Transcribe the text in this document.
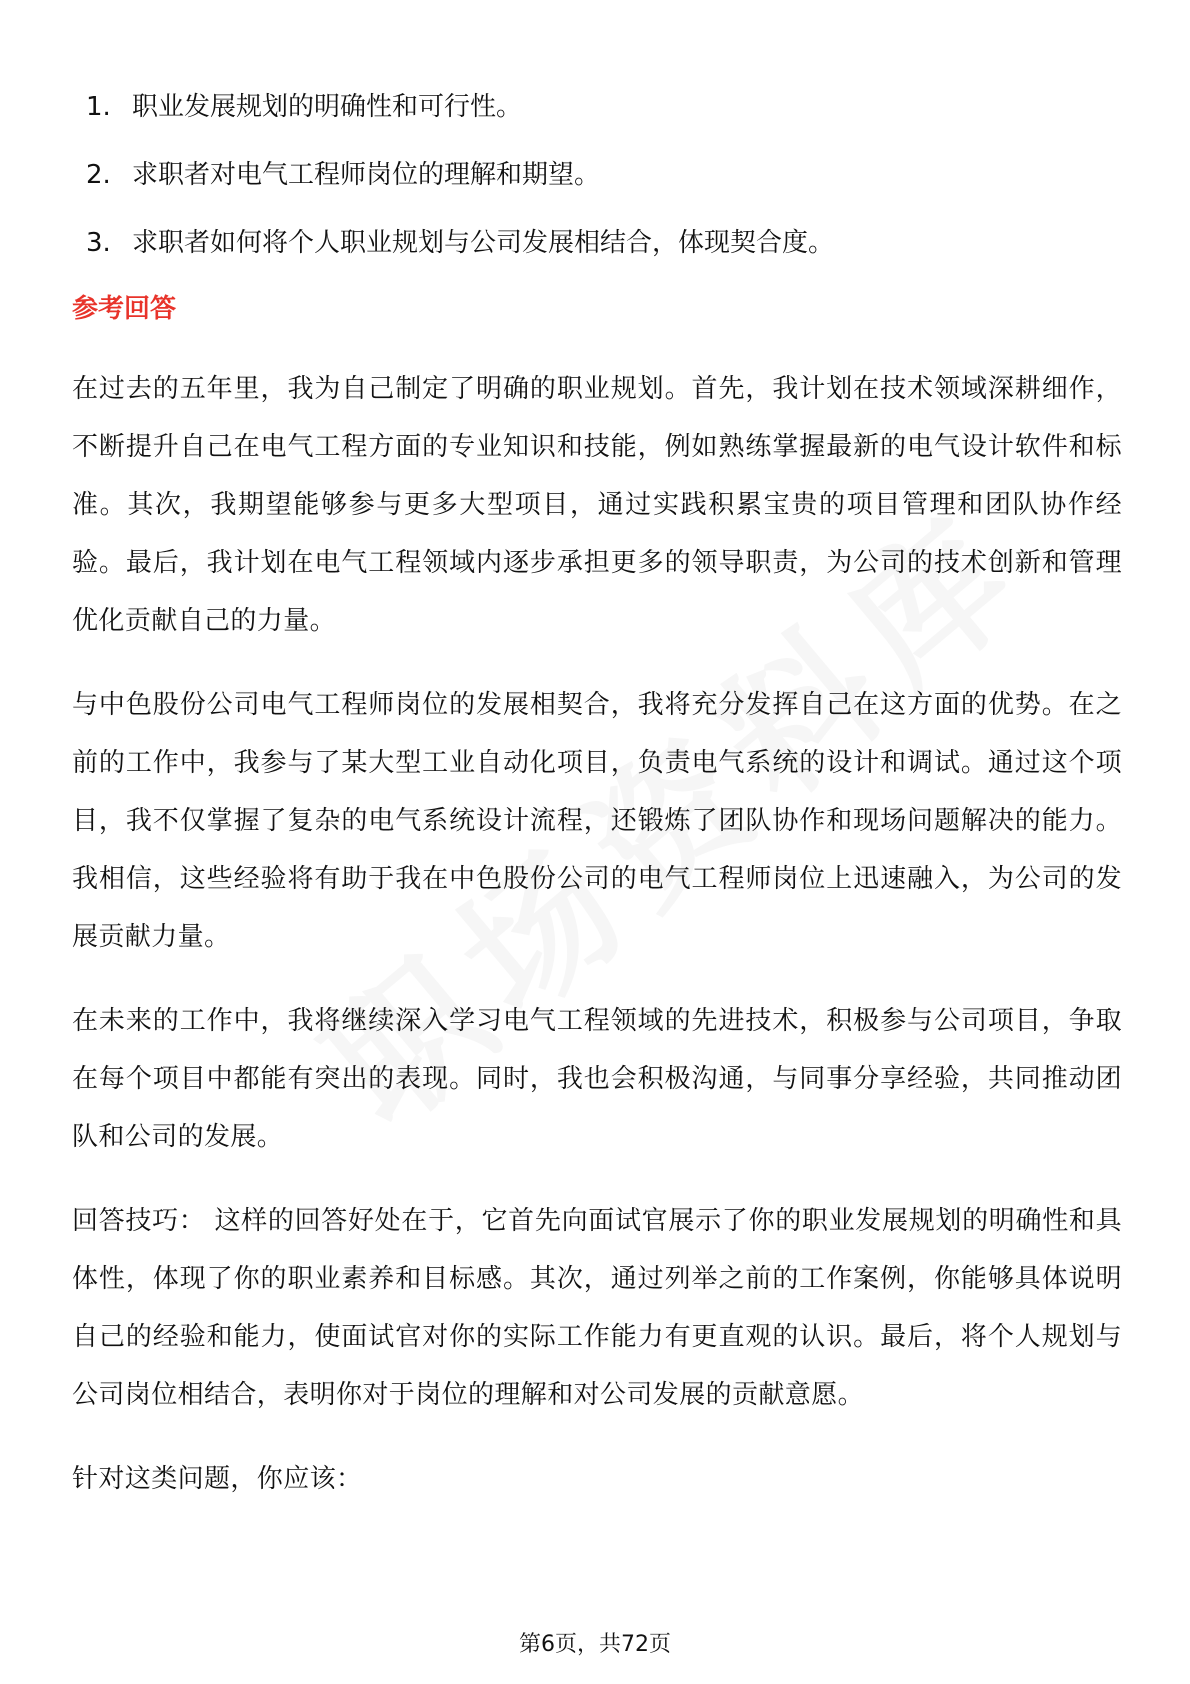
1. 职业发展规划的明确性和可行性。
2. 求职者对电气工程师岗位的理解和期望。
3. 求职者如何将个人职业规划与公司发展相结合，体现契合度。
参考回答

在过去的五年里，我为自己制定了明确的职业规划。首先，我计划在技术领域深耕细作，不断提升自己在电气工程方面的专业知识和技能，例如熟练掌握最新的电气设计软件和标准。其次，我期望能够参与更多大型项目，通过实践积累宝贵的项目管理和团队协作经验。最后，我计划在电气工程领域内逐步承担更多的领导职责，为公司的技术创新和管理优化贡献自己的力量。

与中色股份公司电气工程师岗位的发展相契合，我将充分发挥自己在这方面的优势。在之前的工作中，我参与了某大型工业自动化项目，负责电气系统的设计和调试。通过这个项目，我不仅掌握了复杂的电气系统设计流程，还锻炼了团队协作和现场问题解决的能力。我相信，这些经验将有助于我在中色股份公司的电气工程师岗位上迅速融入，为公司的发展贡献力量。

在未来的工作中，我将继续深入学习电气工程领域的先进技术，积极参与公司项目，争取在每个项目中都能有突出的表现。同时，我也会积极沟通，与同事分享经验，共同推动团队和公司的发展。

回答技巧： 这样的回答好处在于，它首先向面试官展示了你的职业发展规划的明确性和具体性，体现了你的职业素养和目标感。其次，通过列举之前的工作案例，你能够具体说明自己的经验和能力，使面试官对你的实际工作能力有更直观的认识。最后，将个人规划与公司岗位相结合，表明你对于岗位的理解和对公司发展的贡献意愿。

针对这类问题，你应该：

第6页，共72页
